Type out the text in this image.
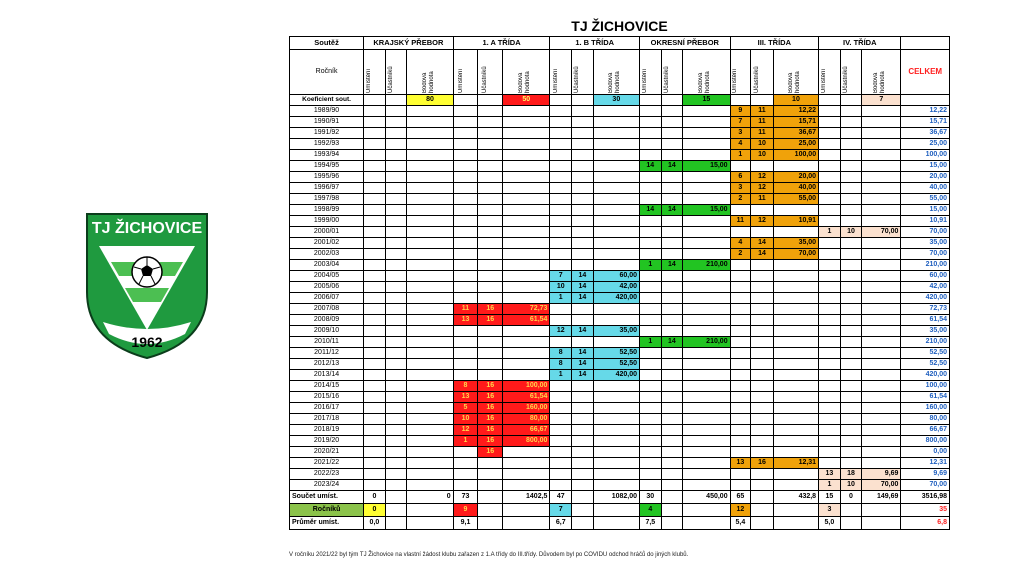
TJ ŽICHOVICE
1962
TJ ŽICHOVICE
Soutěž	KRAJSKÝ PŘEBOR			1. A TŘÍDA			1. B TŘÍDA			OKRESNÍ PŘEBOR			III. TŘÍDA			IV. TŘÍDA			
Ročník	Umístění	Účastníků	Bodová hodnota	Umístění	Účastníků	Bodová hodnota	Umístění	Účastníků	Bodová hodnota	Umístění	Účastníků	Bodová hodnota	Umístění	Účastníků	Bodová hodnota	Umístění	Účastníků	Bodová hodnota	CELKEM
Koeficient sout.			80			50			30			15			10			7	
1989/90													9	11	12,22				12,22
1990/91													7	11	15,71				15,71
1991/92													3	11	36,67				36,67
1992/93													4	10	25,00				25,00
1993/94													1	10	100,00				100,00
1994/95										14	14	15,00							15,00
1995/96													6	12	20,00				20,00
1996/97													3	12	40,00				40,00
1997/98													2	11	55,00				55,00
1998/99										14	14	15,00							15,00
1999/00													11	12	10,91				10,91
2000/01																1	10	70,00	70,00
2001/02													4	14	35,00				35,00
2002/03													2	14	70,00				70,00
2003/04										1	14	210,00							210,00
2004/05							7	14	60,00										60,00
2005/06							10	14	42,00										42,00
2006/07							1	14	420,00										420,00
2007/08				11	16	72,73													72,73
2008/09				13	16	61,54													61,54
2009/10							12	14	35,00										35,00
2010/11										1	14	210,00							210,00
2011/12							8	14	52,50										52,50
2012/13							8	14	52,50										52,50
2013/14							1	14	420,00										420,00
2014/15				8	16	100,00													100,00
2015/16				13	16	61,54													61,54
2016/17				5	16	160,00													160,00
2017/18				10	16	80,00													80,00
2018/19				12	16	66,67													66,67
2019/20				1	16	800,00													800,00
2020/21					16														0,00
2021/22													13	16	12,31				12,31
2022/23																13	18	9,69	9,69
2023/24																1	10	70,00	70,00
Součet umíst.	0		0	73		1402,5	47		1082,00	30		450,00	65		432,8	15	0	149,69	3516,98
Ročníků	0			9			7			4			12			3			35
Průměr umíst.	0,0			9,1			6,7			7,5			5,4			5,0			6,8
V ročníku 2021/22 byl tým TJ Žichovice na vlastní žádost klubu zařazen z 1.A třídy do III.třídy. Důvodem byl po COVIDU odchod hráčů do jiných klubů.
